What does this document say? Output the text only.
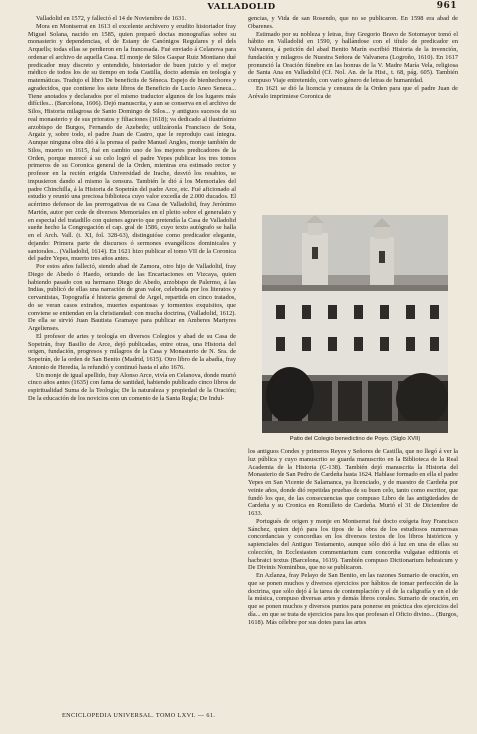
VALLADOLID	961

Valladolid en 1572, y falleció el 14 de Noviembre de 1631.

Mora en Montserrat en 1613 el excelente archivero y erudito historiador fray Miguel Solana, nacido en 1585, quien preparó doctas monografías sobre su monasterio y dependencias, el de Estany de Canónigos Regulares y el dels Arquells; todas ellas se perdieron en la francesada. Fué enviado á Celanova para ordenar el archivo de aquella Casa. El monje de Silos Gaspar Ruiz Montiano dué predicador muy discreto y entendido, historiador de buen juicio y el mejor médico de todos los de su tiempo en toda Castilla, docto además en teología y matemáticas. Tradujo el libro De beneficiis de Séneca. Espejo de bienhechores y agradecidos, que contiene los siete libros de Beneficio de Lucio Aneo Seneca... Tiene anotados y declarados por el mismo traductor algunos de los lugares más difíciles... (Barcelona, 1606). Dejó manuscrita, y aun se conserva en el archivo de Silos, Historia milagrosa de Santo Domingo de Silos... y antiguos sucesos de su real monasterio y de sus prioratos y filiaciones (1618); va dedicado al ilustrísimo arzobispo de Burgos, Fernando de Azebedo; utilizáronla Francisco de Sota, Argaiz y, sobre todo, el padre Juan de Castro, que le reprodujo casi íntegra. Aunque ninguna obra dió á la prensa el padre Manuel Angles, monje también de Silos, muerto en 1615, fué en cambio uno de los mejores predicadores de la Orden, porque merecé á su celo logró el padre Yepes publicar los tres tomos primeros de su Coronica general de la Orden, mientras era estimado rector y profesor en la recién erigida Universidad de Irache, desvió los resabios, se impusieron dando al mismo la censura. También le dió á los Memoriales del padre Chinchilla, á la Historia de Sopetrán del padre Arce, etc. Fué aficionado al estudio y reunió una preciosa biblioteca cuyo valor excedía de 2.000 ducados. El acérrimo defensor de las prerrogativas de su Casa de Valladolid, fray Jerónimo Martón, autor per cede de diversos Memoriales en el pleito sobre el generalato y en especial del tratadillo con quienes agravio que pretendía la Casa de Valladolid sueñe hecho la Congregación el cap. gral de 1586, cuyo texto autógrafo se halla en el Arch. Vall. (t. XI, fol. 328-63), distinguióse como predicador elegante, dejando: Primera parte de discursos ó sermones evangélicos dominicales y santorales... (Valladolid, 1614). En 1621 hizo publicar el tomo VII de la Coronica del padre Yepes, muerto tres años antes.

Por estos años falleció, siendo abad de Zamora, otro hijo de Valladolid, fray Diego de Abedo ó Haedo, oriundo de las Encartaciones en Vizcaya, quien habiendo pasado con su hermano Diego de Abedo, arzobispo de Palermo, á las Indias, publicó de ellas una narración de gran valor, celebrada por los literatos y cervantistas, Topografía é historia general de Argel, repartida en cinco tratados, do se veran casos extraños, muertes espantosas y tormentos exquisitos, que conviene se entiendan en la christiandad: con mucha doctrina, (Valladolid, 1612). De ella se sirvió Juan Bautista Gramaye para publicar en Amberes Martyres Argelienses.

El profesor de artes y teología en diversos Colegios y abad de su Casa de Sopetrán, fray Basilio de Arce, dejó publicadas, entre otras, una Historia del origen, fundación, progresos y milagros de la Casa y Monasterio de N. Sra. de Sopetrán, de la orden de San Benito (Madrid, 1615). Otro libro de la abadía, fray Antonio de Heredia, la refundió y continuó hasta el año 1676.

Un monje de igual apellido, fray Alonso Arce, vivía en Celanova, donde murió cinco años antes (1635) con fama de santidad, habiendo publicado cinco libros de espiritualidad Suma de la Teología; De la naturaleza y propiedad de la Oración; De la educación de los novicios con un comento de la Santa Regla; De Indul-

gencias, y Vida de san Rosendo, que no se publicaron. En 1598 era abad de Obarenes.

Estimado por su nobleza y letras, fray Gregorio Bravo de Sotomayor tomó el hábito en Valladolid en 1590, y hallándose con el título de predicador en Valvanera, á petición del abad Benito Marín escribió Historia de la invención, fundación y milagros de Nuestra Señora de Valvanera (Logroño, 1610). En 1617 pronunció la Oración fúnebre en las honras de la V. Madre María Vela, religiosa de Santa Ana en Valladolid (Cf. Nol. An. de la Hist., t. 68, pág. 605). También compuso Viaje entretenido, con vario género de letras de humanidad.

En 1621 se dió la licencia y censura de la Orden para que el padre Juan de Arévalo imprimiese Coronica de

Patio del Colegio benedictino de Poyo. (Siglo XVII)

los antiguos Condes y primeros Reyes y Señores de Castilla, que no llegó á ver la luz pública y cuyo manuscrito se guarda manuscrito en la Biblioteca de la Real Academia de la Historia (C-138). También dejó manuscrita la Historia del Monasterio de San Pedro de Cardeña hasta 1624. Hablase formado en ella el padre Yepes en San Vicente de Salamanca, ya licenciado, y de maestro de Cardeña por veinte años, donde dió repetidas pruebas de su buen celo, tanto como escritor, que fundó los que, de las consecuencias que compuso Libro de las antigüedades de Cardeña y su Cronica en Romilleto de Cardeña. Murió el 31 de Diciembre de 1633.

Portugués de origen y monje en Montserrat fué docto exégeta fray Francisco Sánchez, quien dejó para los tipos de la obra de los estudiosos numerosas concordancias y concordias en los diversos textos de los libros históricos y sapienciales del Antiguo Testamento, aunque sólo dió á luz en una de ellas su colección, In Ecclesiasten commentarium cum concordia vulgatae editionis et hacbraici textus (Barcelona, 1619). También compuso Dictionarium hebraicum y De Divinis Nominibus, que no se publicaron.

En Azlanza, fray Pelayo de San Benito, en las razones Sumario de oración, en que se ponen muchos y diversos ejercicios por hábitos de tomar perfección de la doctrina, que sólo dejó á la tarea de contemplación y el de la caligrafía y en el de la música, compuso diversas artes y demás libros corales. Sumario de oración, en que se ponen muchos y diversos puntos para ponerse en práctica dos ejercicios del día... en que se trata de ejercicios para los que profesan el Oficio divino... (Burgos, 1618). Más célebre por sus dotes para las artes

ENCICLOPEDIA UNIVERSAL. TOMO LXVI. — 61.
